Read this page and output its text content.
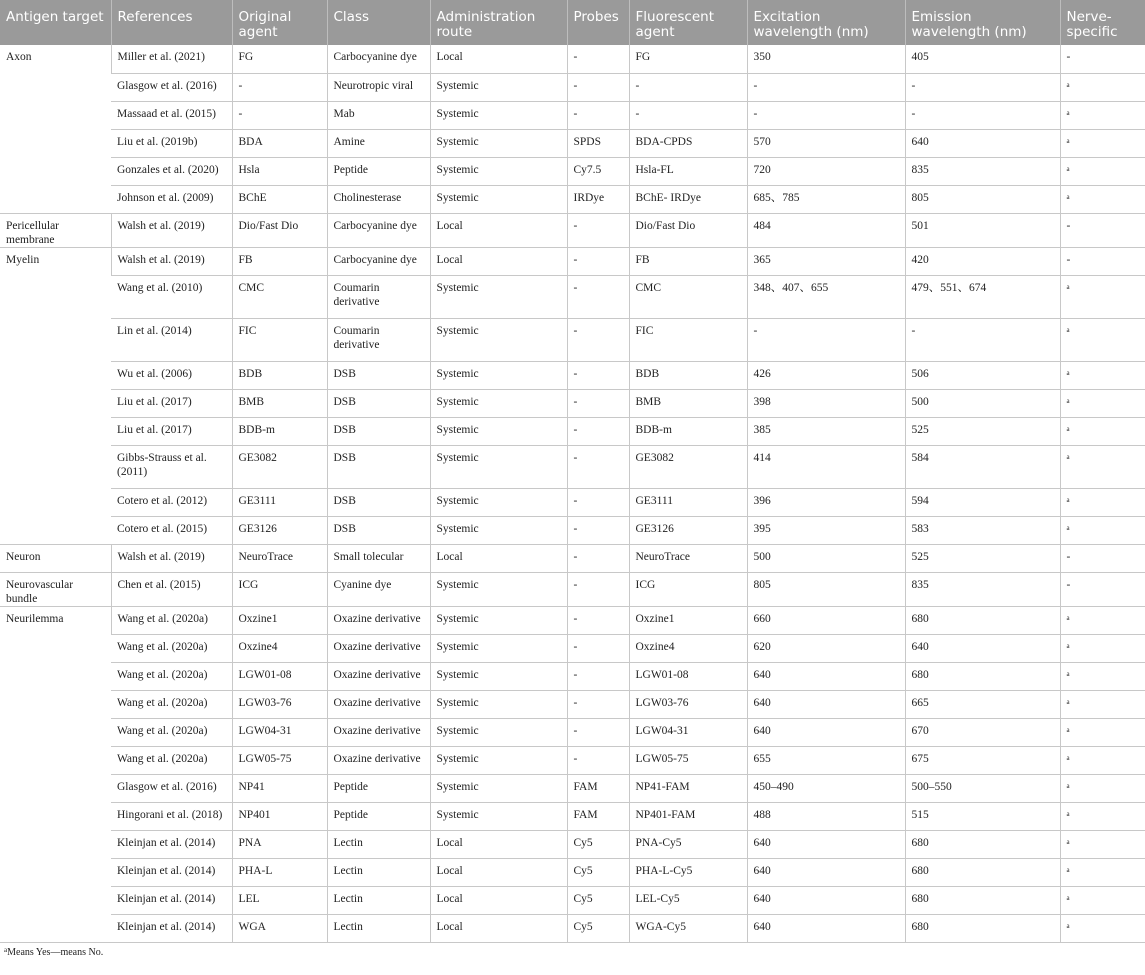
Antigen target	References	Original agent	Class	Administration route	Probes	Fluorescent agent	Excitation wavelength (nm)	Emission wavelength (nm)	Nerve-specific
Axon	Miller et al. (2021)	FG	Carbocyanine dye	Local	-	FG	350	405	-
	Glasgow et al. (2016)	-	Neurotropic viral	Systemic	-	-	-	-	$^a$
	Massaad et al. (2015)	-	Mab	Systemic	-	-	-	-	$^a$
	Liu et al. (2019b)	BDA	Amine	Systemic	SPDS	BDA-CPDS	570	640	$^a$
	Gonzales et al. (2020)	Hsla	Peptide	Systemic	Cy7.5	Hsla-FL	720	835	$^a$
	Johnson et al. (2009)	BChE	Cholinesterase	Systemic	IRDye	BChE- IRDye	685、785	805	$^a$
Pericellular membrane	Walsh et al. (2019)	Dio/Fast Dio	Carbocyanine dye	Local	-	Dio/Fast Dio	484	501	-
Myelin	Walsh et al. (2019)	FB	Carbocyanine dye	Local	-	FB	365	420	-
	Wang et al. (2010)	CMC	Coumarin derivative	Systemic	-	CMC	348、407、655	479、551、674	$^a$
	Lin et al. (2014)	FIC	Coumarin derivative	Systemic	-	FIC	-	-	$^a$
	Wu et al. (2006)	BDB	DSB	Systemic	-	BDB	426	506	$^a$
	Liu et al. (2017)	BMB	DSB	Systemic	-	BMB	398	500	$^a$
	Liu et al. (2017)	BDB-m	DSB	Systemic	-	BDB-m	385	525	$^a$
	Gibbs-Strauss et al. (2011)	GE3082	DSB	Systemic	-	GE3082	414	584	$^a$
	Cotero et al. (2012)	GE3111	DSB	Systemic	-	GE3111	396	594	$^a$
	Cotero et al. (2015)	GE3126	DSB	Systemic	-	GE3126	395	583	$^a$
Neuron	Walsh et al. (2019)	NeuroTrace	Small tolecular	Local	-	NeuroTrace	500	525	-
Neurovascular bundle	Chen et al. (2015)	ICG	Cyanine dye	Systemic	-	ICG	805	835	-
Neurilemma	Wang et al. (2020a)	Oxzine1	Oxazine derivative	Systemic	-	Oxzine1	660	680	$^a$
	Wang et al. (2020a)	Oxzine4	Oxazine derivative	Systemic	-	Oxzine4	620	640	$^a$
	Wang et al. (2020a)	LGW01-08	Oxazine derivative	Systemic	-	LGW01-08	640	680	$^a$
	Wang et al. (2020a)	LGW03-76	Oxazine derivative	Systemic	-	LGW03-76	640	665	$^a$
	Wang et al. (2020a)	LGW04-31	Oxazine derivative	Systemic	-	LGW04-31	640	670	$^a$
	Wang et al. (2020a)	LGW05-75	Oxazine derivative	Systemic	-	LGW05-75	655	675	$^a$
	Glasgow et al. (2016)	NP41	Peptide	Systemic	FAM	NP41-FAM	450–490	500–550	$^a$
	Hingorani et al. (2018)	NP401	Peptide	Systemic	FAM	NP401-FAM	488	515	$^a$
	Kleinjan et al. (2014)	PNA	Lectin	Local	Cy5	PNA-Cy5	640	680	$^a$
	Kleinjan et al. (2014)	PHA-L	Lectin	Local	Cy5	PHA-L-Cy5	640	680	$^a$
	Kleinjan et al. (2014)	LEL	Lectin	Local	Cy5	LEL-Cy5	640	680	$^a$
	Kleinjan et al. (2014)	WGA	Lectin	Local	Cy5	WGA-Cy5	640	680	$^a$
$^a$Means Yes—means No.
